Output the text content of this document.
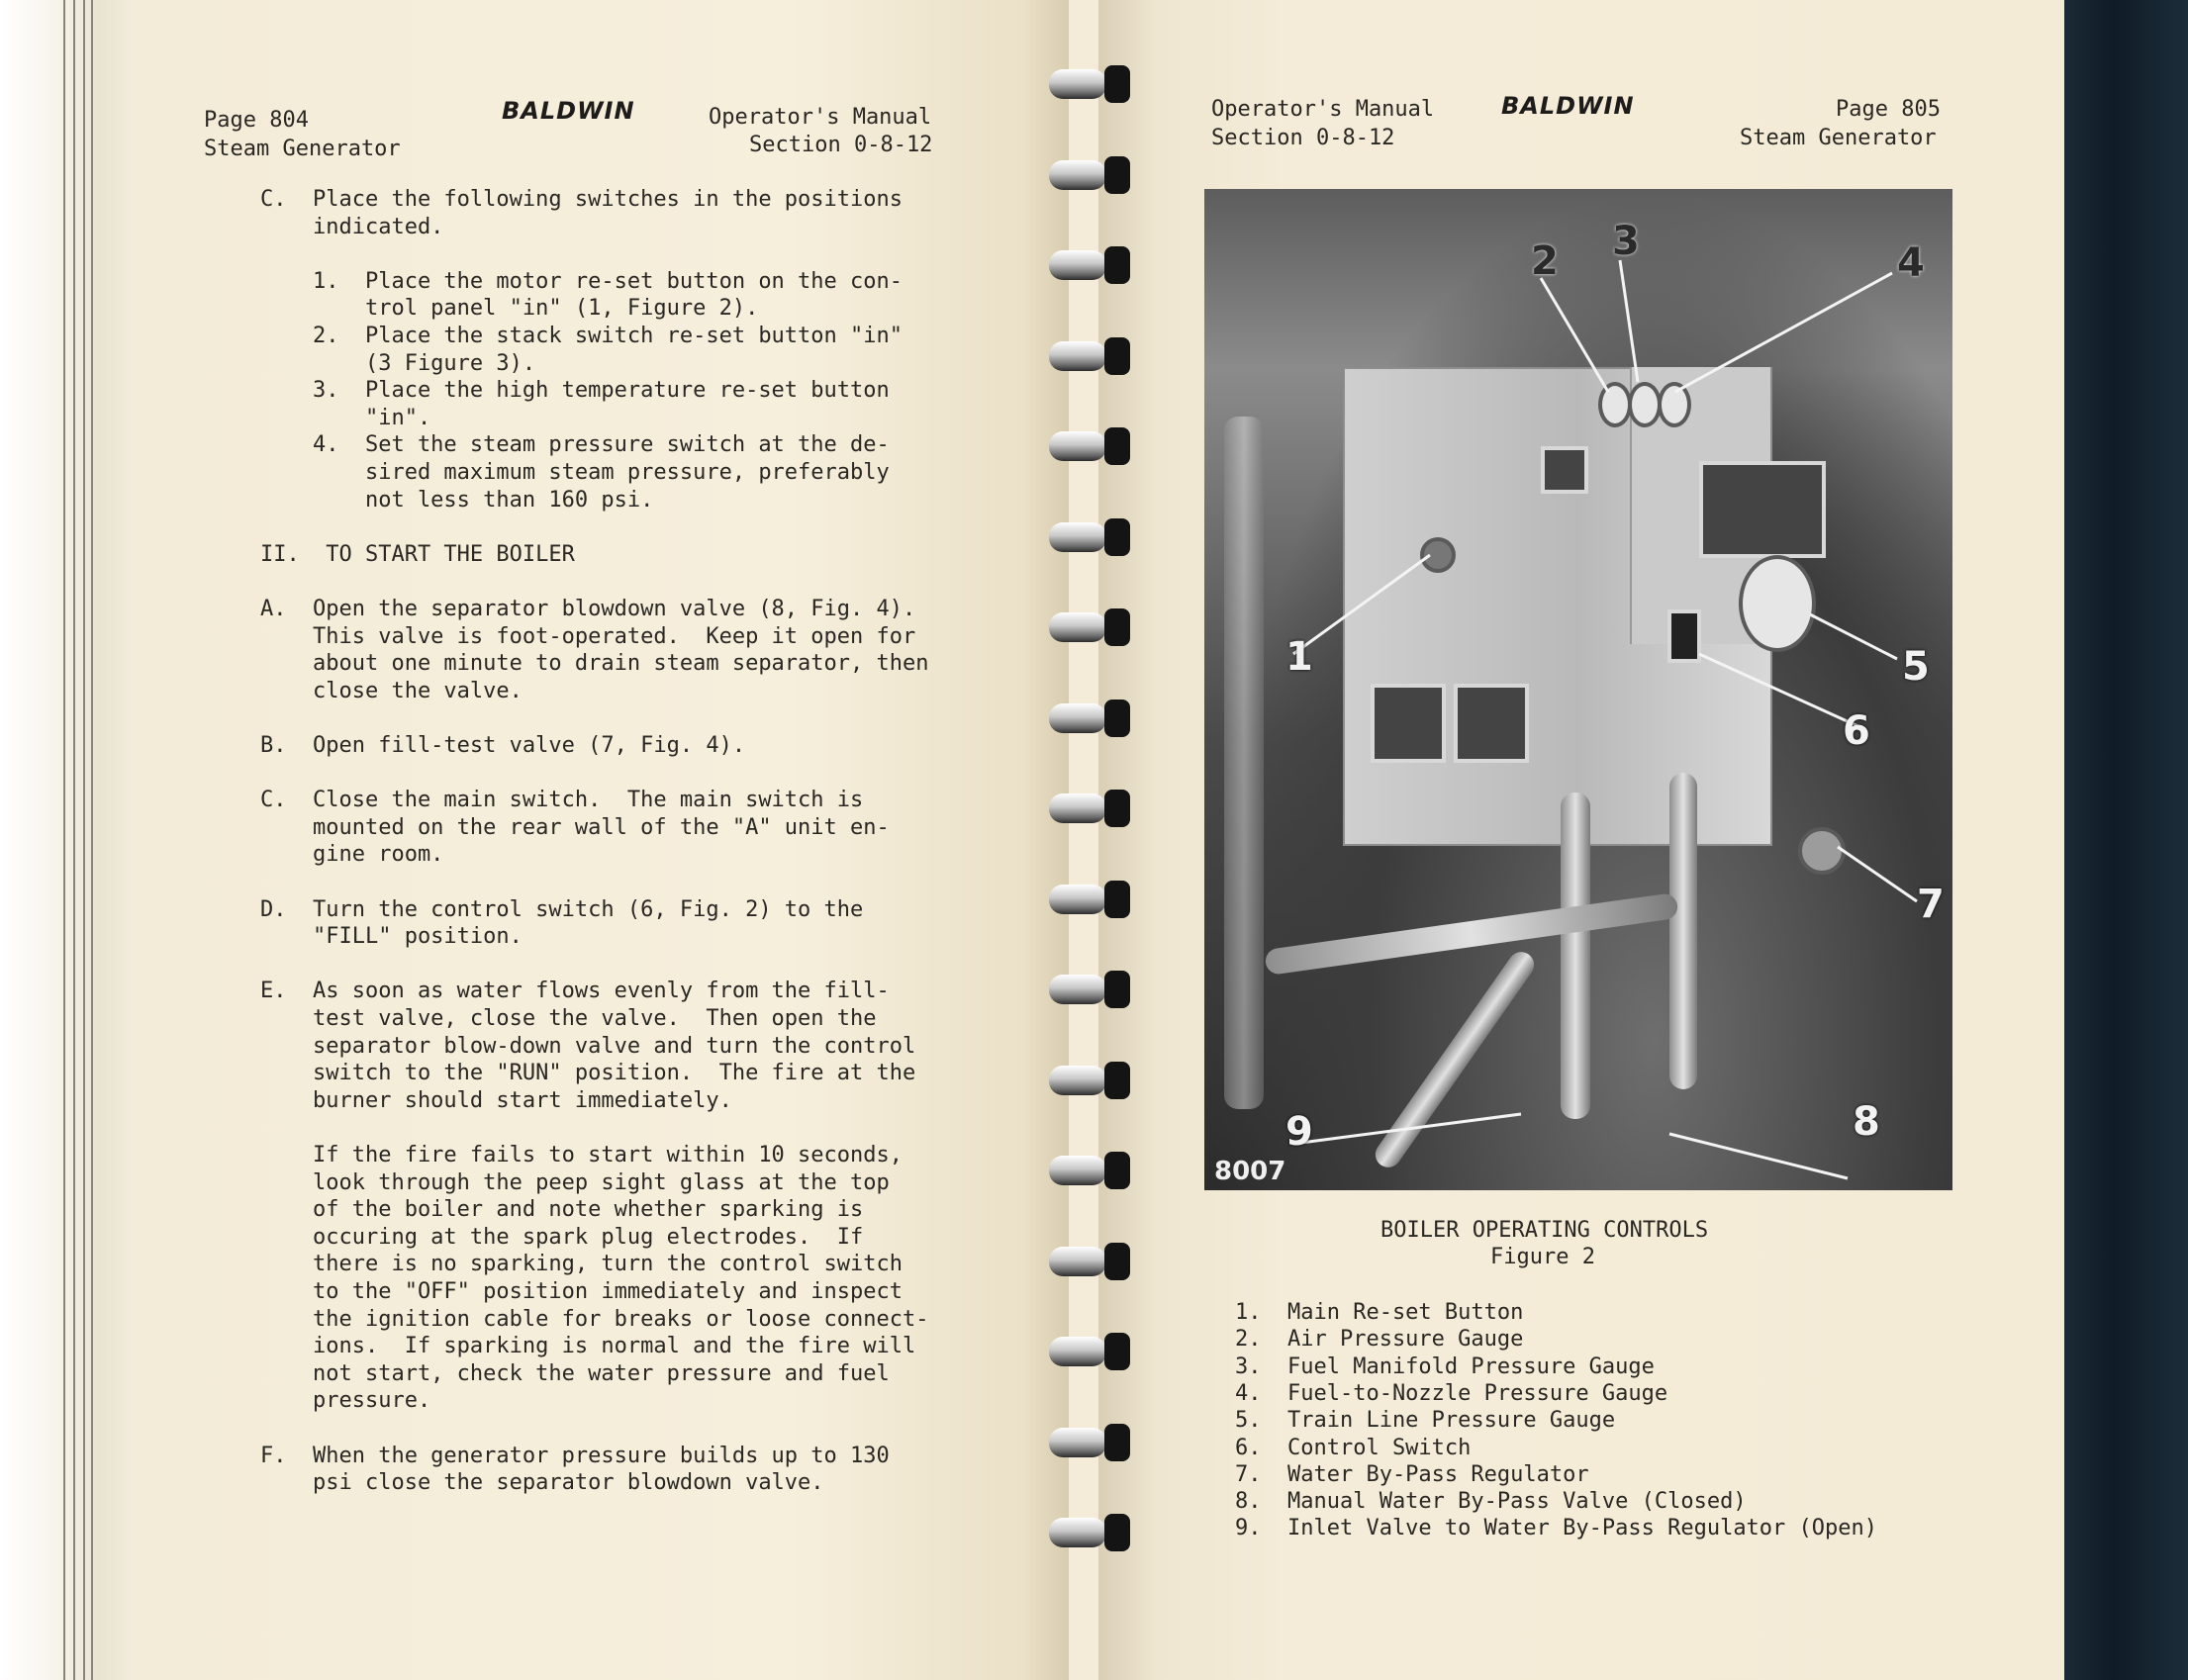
Page 804
Steam Generator
BALDWIN	Operator's Manual
Section 0-8-12
C.  Place the following switches in the positions
indicated.
1.  Place the motor re-set button on the con-
trol panel "in" (1, Figure 2).
2.  Place the stack switch re-set button "in"
(3 Figure 3).
3.  Place the high temperature re-set button
"in".
4.  Set the steam pressure switch at the de-
sired maximum steam pressure, preferably
not less than 160 psi.
II.  TO START THE BOILER
A.  Open the separator blowdown valve (8, Fig. 4).
This valve is foot-operated.  Keep it open for
about one minute to drain steam separator, then
close the valve.
B.  Open fill-test valve (7, Fig. 4).
C.  Close the main switch.  The main switch is
mounted on the rear wall of the "A" unit en-
gine room.
D.  Turn the control switch (6, Fig. 2) to the
"FILL" position.
E.  As soon as water flows evenly from the fill-
test valve, close the valve.  Then open the
separator blow-down valve and turn the control
switch to the "RUN" position.  The fire at the
burner should start immediately.
If the fire fails to start within 10 seconds,
look through the peep sight glass at the top
of the boiler and note whether sparking is
occuring at the spark plug electrodes.  If
there is no sparking, turn the control switch
to the "OFF" position immediately and inspect
the ignition cable for breaks or loose connect-
ions.  If sparking is normal and the fire will
not start, check the water pressure and fuel
pressure.
F.  When the generator pressure builds up to 130
psi close the separator blowdown valve.
Operator's Manual
Section 0-8-12
BALDWIN	Page 805
Steam Generator
1
2 3	4
5
6
7
8
9
8007
BOILER OPERATING CONTROLS
Figure 2
1.  Main Re-set Button
2.  Air Pressure Gauge
3.  Fuel Manifold Pressure Gauge
4.  Fuel-to-Nozzle Pressure Gauge
5.  Train Line Pressure Gauge
6.  Control Switch
7.  Water By-Pass Regulator
8.  Manual Water By-Pass Valve (Closed)
9.  Inlet Valve to Water By-Pass Regulator (Open)
